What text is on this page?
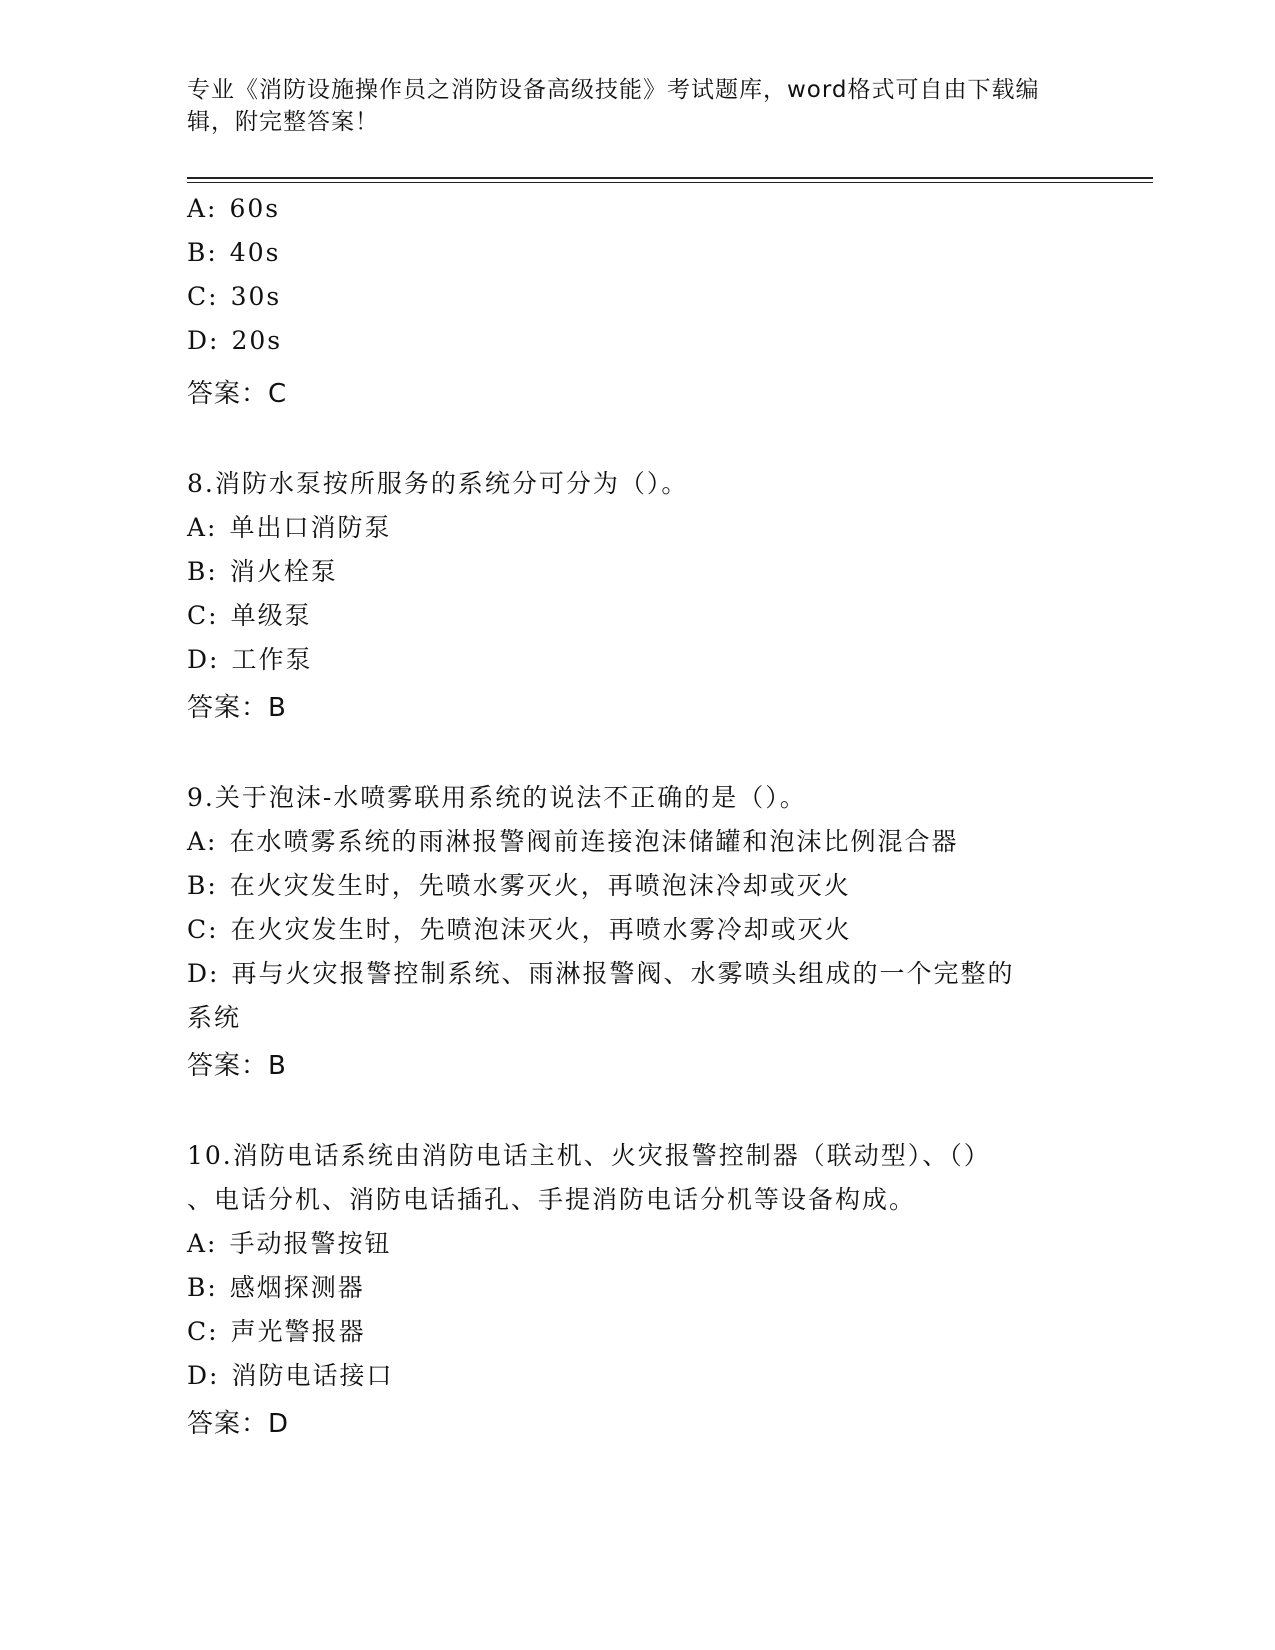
专业《消防设施操作员之消防设备高级技能》考试题库，word格式可自由下载编
辑，附完整答案！
A: 60s
B: 40s
C: 30s
D: 20s
答案：C
8.消防水泵按所服务的系统分可分为（）。
A: 单出口消防泵
B: 消火栓泵
C: 单级泵
D: 工作泵
答案：B
9.关于泡沫-水喷雾联用系统的说法不正确的是（）。
A: 在水喷雾系统的雨淋报警阀前连接泡沫储罐和泡沫比例混合器
B: 在火灾发生时，先喷水雾灭火，再喷泡沫冷却或灭火
C: 在火灾发生时，先喷泡沫灭火，再喷水雾冷却或灭火
D: 再与火灾报警控制系统、雨淋报警阀、水雾喷头组成的一个完整的
系统
答案：B
10.消防电话系统由消防电话主机、火灾报警控制器（联动型）、（）
、电话分机、消防电话插孔、手提消防电话分机等设备构成。
A: 手动报警按钮
B: 感烟探测器
C: 声光警报器
D: 消防电话接口
答案：D
